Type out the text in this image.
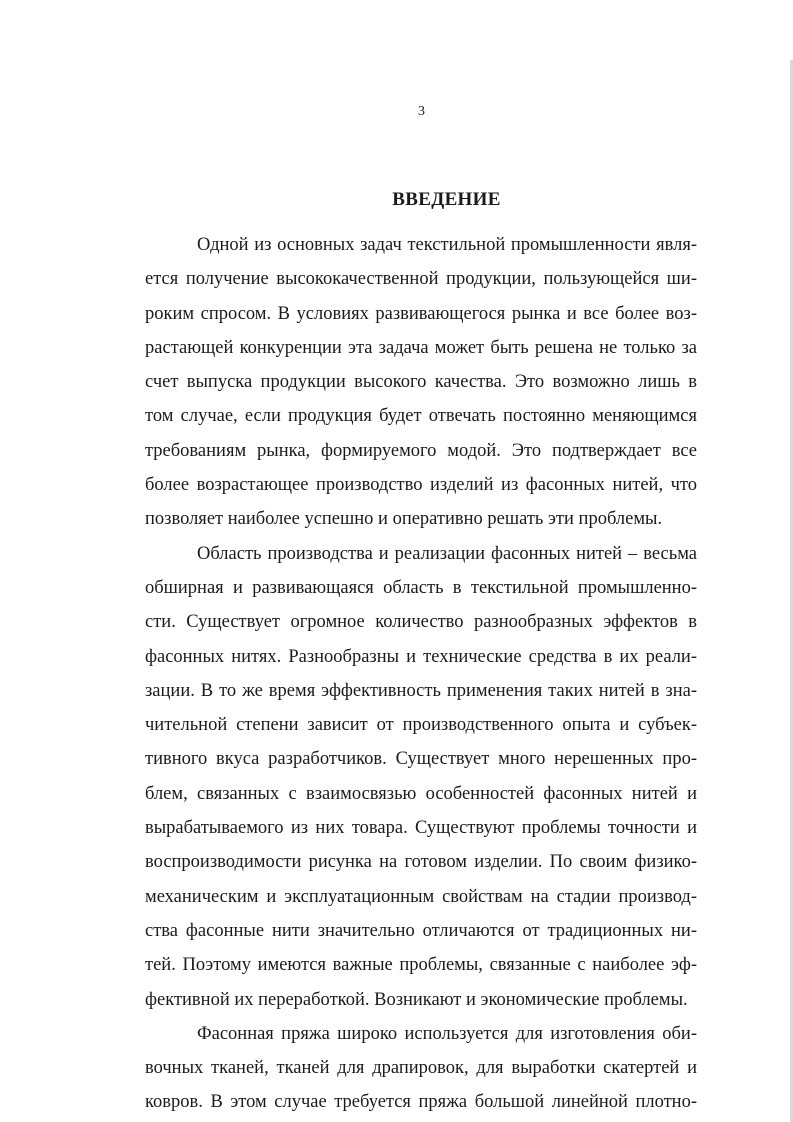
3
ВВЕДЕНИЕ
Одной из основных задач текстильной промышленности явля-
ется получение высококачественной продукции, пользующейся ши-
роким спросом. В условиях развивающегося рынка и все более воз-
растающей конкуренции эта задача может быть решена не только за
счет выпуска продукции высокого качества. Это возможно лишь в
том случае, если продукция будет отвечать постоянно меняющимся
требованиям рынка, формируемого модой. Это подтверждает все
более возрастающее производство изделий из фасонных нитей, что
позволяет наиболее успешно и оперативно решать эти проблемы.
Область производства и реализации фасонных нитей – весьма
обширная и развивающаяся область в текстильной промышленно-
сти. Существует огромное количество разнообразных эффектов в
фасонных нитях. Разнообразны и технические средства в их реали-
зации. В то же время эффективность применения таких нитей в зна-
чительной степени зависит от производственного опыта и субъек-
тивного вкуса разработчиков. Существует много нерешенных про-
блем, связанных с взаимосвязью особенностей фасонных нитей и
вырабатываемого из них товара. Существуют проблемы точности и
воспроизводимости рисунка на готовом изделии. По своим физико-
механическим и эксплуатационным свойствам на стадии производ-
ства фасонные нити значительно отличаются от традиционных ни-
тей. Поэтому имеются важные проблемы, связанные с наиболее эф-
фективной их переработкой. Возникают и экономические проблемы.
Фасонная пряжа широко используется для изготовления оби-
вочных тканей, тканей для драпировок, для выработки скатертей и
ковров. В этом случае требуется пряжа большой линейной плотно-
